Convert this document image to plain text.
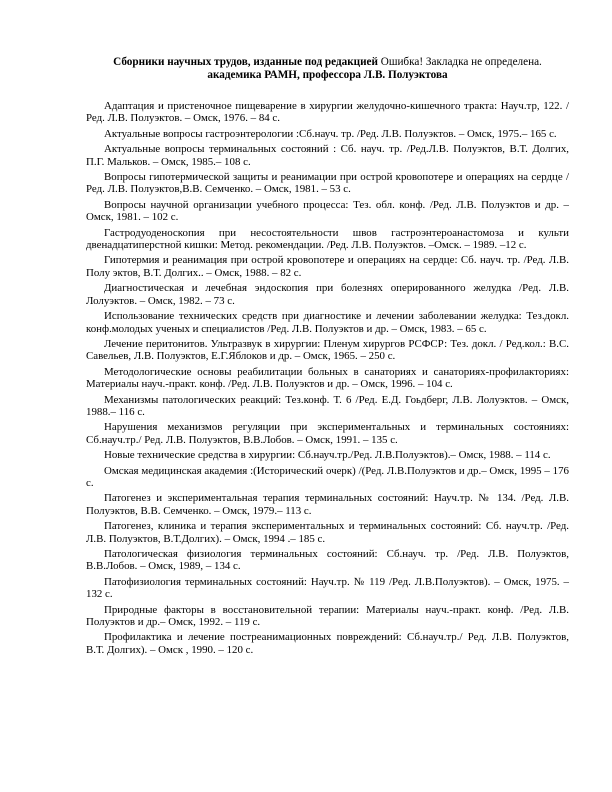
Сборники научных трудов, изданные под редакцией Ошибка! Закладка не определена.
академика РАМН, профессора Л.В. Полуэктова
Адаптация и пристеночное пищеварение в хирургии желудочно-кишечного тракта: Науч.тр, 122. /Ред. Л.В. Полуэктов. – Омск, 1976. – 84 с.
Актуальные вопросы гастроэнтерологии :Сб.науч. тр. /Ред. Л.В. Полуэктов. – Омск, 1975.– 165 с.
Актуальные вопросы терминальных состояний : Сб. науч. тр. /Ред.Л.В. Полуэктов, В.Т. Долгих, П.Г. Мальков. – Омск, 1985.– 108 с.
Вопросы гипотермической защиты и реанимации при острой кровопотере и операциях на сердце / Ред. Л.В. Полуэктов,В.В. Семченко. – Омск, 1981. – 53 с.
Вопросы научной организации учебного процесса: Тез. обл. конф. /Ред. Л.В. Полуэктов и др. – Омск, 1981. – 102 с.
Гастродуоденоскопия при несостоятельности швов гастроэнтероанастомоза и культи двенадцатиперстной кишки: Метод. рекомендации. /Ред. Л.В. Полуэктов. –Омск. – 1989. –12 с.
Гипотермия и реанимация при острой кровопотере и операциях на сердце: Сб. науч. тр. /Ред. Л.В. Полу эктов, В.Т. Долгих.. – Омск, 1988. – 82 с.
Диагностическая и лечебная эндоскопия при болезнях оперированного желудка /Ред. Л.В. Лолуэктов. – Омск, 1982. – 73 с.
Использование технических средств при диагностике и лечении заболевании желудка: Тез.докл. конф.молодых ученых и специалистов /Ред. Л.В. Полуэктов и др. – Омск, 1983. – 65 с.
Лечение перитонитов. Ультразвук в хирургии: Пленум хирургов РСФСР: Тез. докл. / Ред.кол.: В.С. Савельев, Л.В. Полуэктов, Е.Г.Яблоков и др. – Омск, 1965. – 250 с.
Методологические основы реабилитации больных в санаториях и санаториях-профилакториях: Материалы науч.-практ. конф. /Ред. Л.В. Полуэктов и др. – Омск, 1996. – 104 с.
Механизмы патологических реакций: Тез.конф. Т. 6 /Ред. Е.Д. Гоьдберг, Л.В. Лолуэктов. – Омск, 1988.– 116 с.
Нарушения механизмов регуляции при экспериментальных и терминальных состояниях: Сб.науч.тр./ Ред. Л.В. Полуэктов, В.В.Лобов. – Омск, 1991. – 135 с.
Новые технические средства в хирургии: Сб.науч.тр./Ред. Л.В.Полуэктов).– Омск, 1988. – 114 с.
Омская медицинская академия :(Исторический очерк) /(Ред. Л.В.Полуэктов и др.– Омск, 1995 – 176 с.
Патогенез и экспериментальная терапия терминальных состояний: Науч.тр. № 134. /Ред. Л.В. Полуэктов, В.В. Семченко. – Омск, 1979.– 113 с.
Патогенез, клиника и терапия экспериментальных и терминальных состояний: Сб. науч.тр. /Ред. Л.В. Полуэктов, В.Т.Долгих). – Омск, 1994 .– 185 с.
Патологическая физиология терминальных состояний: Сб.науч. тр. /Ред. Л.В. Полуэктов, В.В.Лобов. – Омск, 1989, – 134 с.
Патофизиология терминальных состояний: Науч.тр. № 119 /Ред. Л.В.Полуэктов). – Омск, 1975. – 132 с.
Природные факторы в восстановительной терапии: Материалы науч.-практ. конф. /Ред. Л.В. Полуэктов и др.– Омск, 1992. – 119 с.
Профилактика и лечение постреанимационных повреждений: Сб.науч.тр./ Ред. Л.В. Полуэктов, В.Т. Долгих). – Омск , 1990. – 120 с.
